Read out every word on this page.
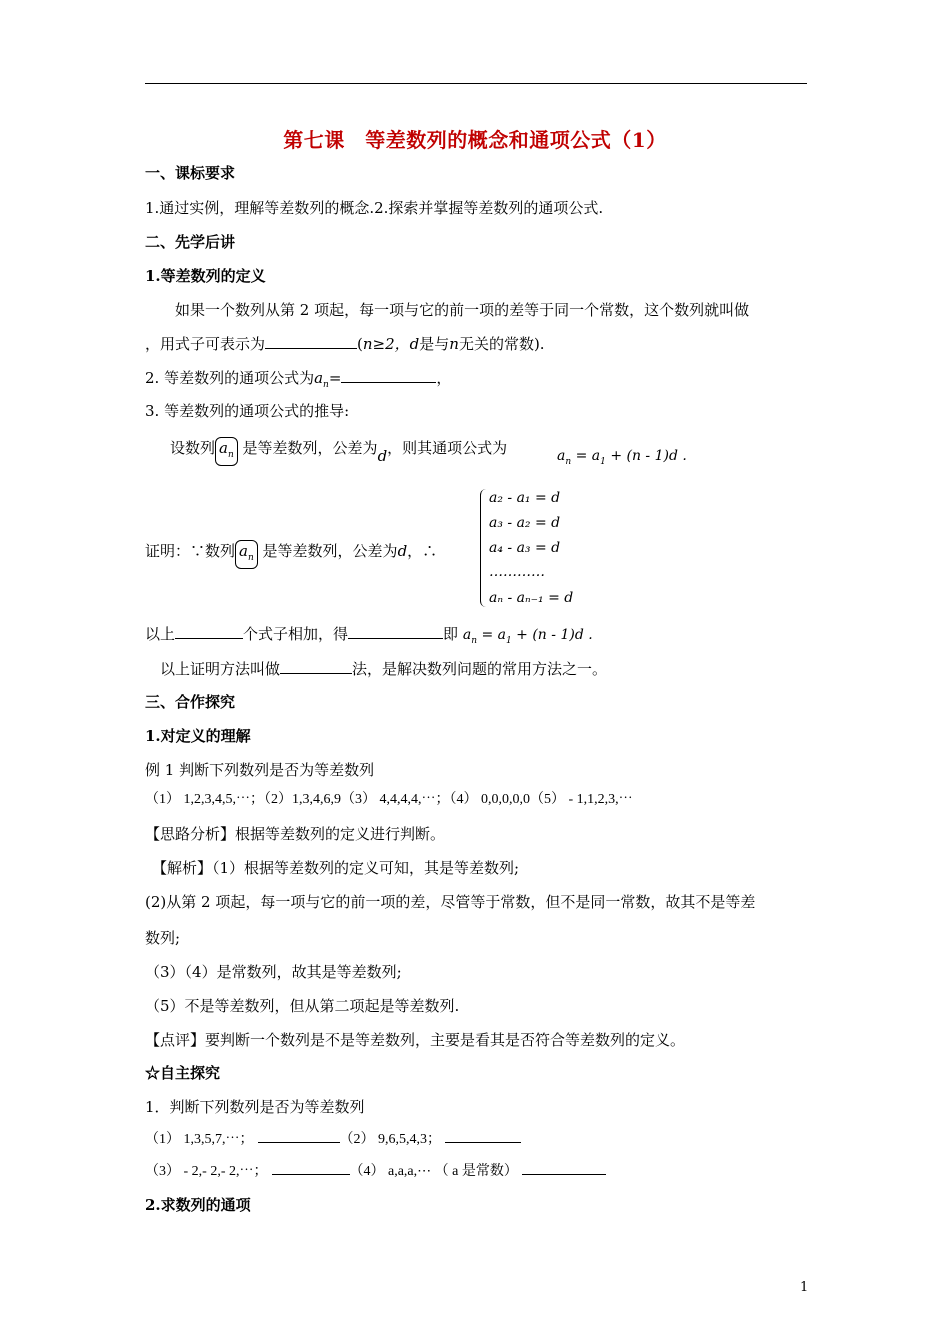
第七课　等差数列的概念和通项公式（1）
一、课标要求
1.通过实例，理解等差数列的概念.2.探索并掌握等差数列的通项公式.
二、先学后讲
1.等差数列的定义
如果一个数列从第 2 项起，每一项与它的前一项的差等于同一个常数，这个数列就叫做
，用式子可表示为	(n≥2，d是与n无关的常数).
2. 等差数列的通项公式为$a_n=$	，
3. 等差数列的通项公式的推导:
设数列 $a_n$ 是等差数列，公差为d，则其通项公式为	$a_n = a_1 + (n - 1)d$ .
证明：∵数列 $a_n$ 是等差数列，公差为d，∴
a₂ - a₁ = d
a₃ - a₂ = d
a₄ - a₃ = d
…………
aₙ - aₙ₋₁ = d
以上	个式子相加，得	即 $a_n = a_1 + (n - 1)d$ .
以上证明方法叫做	法，是解决数列问题的常用方法之一。
三、合作探究
1.对定义的理解
例 1 判断下列数列是否为等差数列
（1） 1,2,3,4,5,⋯；（2）1,3,4,6,9（3） 4,4,4,4,⋯；（4） 0,0,0,0,0（5） - 1,1,2,3,⋯
【思路分析】根据等差数列的定义进行判断。
【解析】（1）根据等差数列的定义可知，其是等差数列;
(2)从第 2 项起，每一项与它的前一项的差，尽管等于常数，但不是同一常数，故其不是等差
数列;
（3）（4）是常数列，故其是等差数列;
（5）不是等差数列，但从第二项起是等差数列.
【点评】要判断一个数列是不是等差数列，主要是看其是否符合等差数列的定义。
☆自主探究
1．判断下列数列是否为等差数列
（1） 1,3,5,7,⋯；	（2） 9,6,5,4,3；
（3） - 2,- 2,- 2,⋯；	（4） a,a,a,⋯ （ a 是常数）
2.求数列的通项
1
